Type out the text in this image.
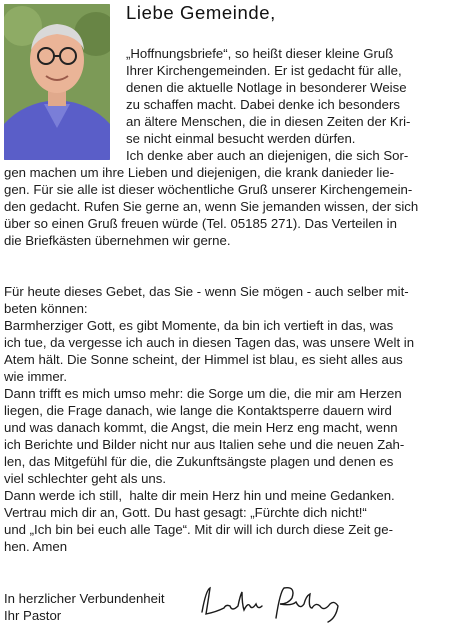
Liebe Gemeinde,
„Hoffnungsbriefe“, so heißt dieser kleine Gruß
Ihrer Kirchengemeinden. Er ist gedacht für alle,
denen die aktuelle Notlage in besonderer Weise
zu schaffen macht. Dabei denke ich besonders
an ältere Menschen, die in diesen Zeiten der Kri-
se nicht einmal besucht werden dürfen.
Ich denke aber auch an diejenigen, die sich Sor-
gen machen um ihre Lieben und diejenigen, die krank danieder lie-
gen. Für sie alle ist dieser wöchentliche Gruß unserer Kirchengemein-
den gedacht. Rufen Sie gerne an, wenn Sie jemanden wissen, der sich
über so einen Gruß freuen würde (Tel. 05185 271). Das Verteilen in
die Briefkästen übernehmen wir gerne.
Für heute dieses Gebet, das Sie - wenn Sie mögen - auch selber mit-
beten können:
Barmherziger Gott, es gibt Momente, da bin ich vertieft in das, was
ich tue, da vergesse ich auch in diesen Tagen das, was unsere Welt in
Atem hält. Die Sonne scheint, der Himmel ist blau, es sieht alles aus
wie immer.
Dann trifft es mich umso mehr: die Sorge um die, die mir am Herzen
liegen, die Frage danach, wie lange die Kontaktsperre dauern wird
und was danach kommt, die Angst, die mein Herz eng macht, wenn
ich Berichte und Bilder nicht nur aus Italien sehe und die neuen Zah-
len, das Mitgefühl für die, die Zukunftsängste plagen und denen es
viel schlechter geht als uns.
Dann werde ich still,  halte dir mein Herz hin und meine Gedanken.
Vertrau mich dir an, Gott. Du hast gesagt: „Fürchte dich nicht!“
und „Ich bin bei euch alle Tage“. Mit dir will ich durch diese Zeit ge-
hen. Amen
In herzlicher Verbundenheit
Ihr Pastor
